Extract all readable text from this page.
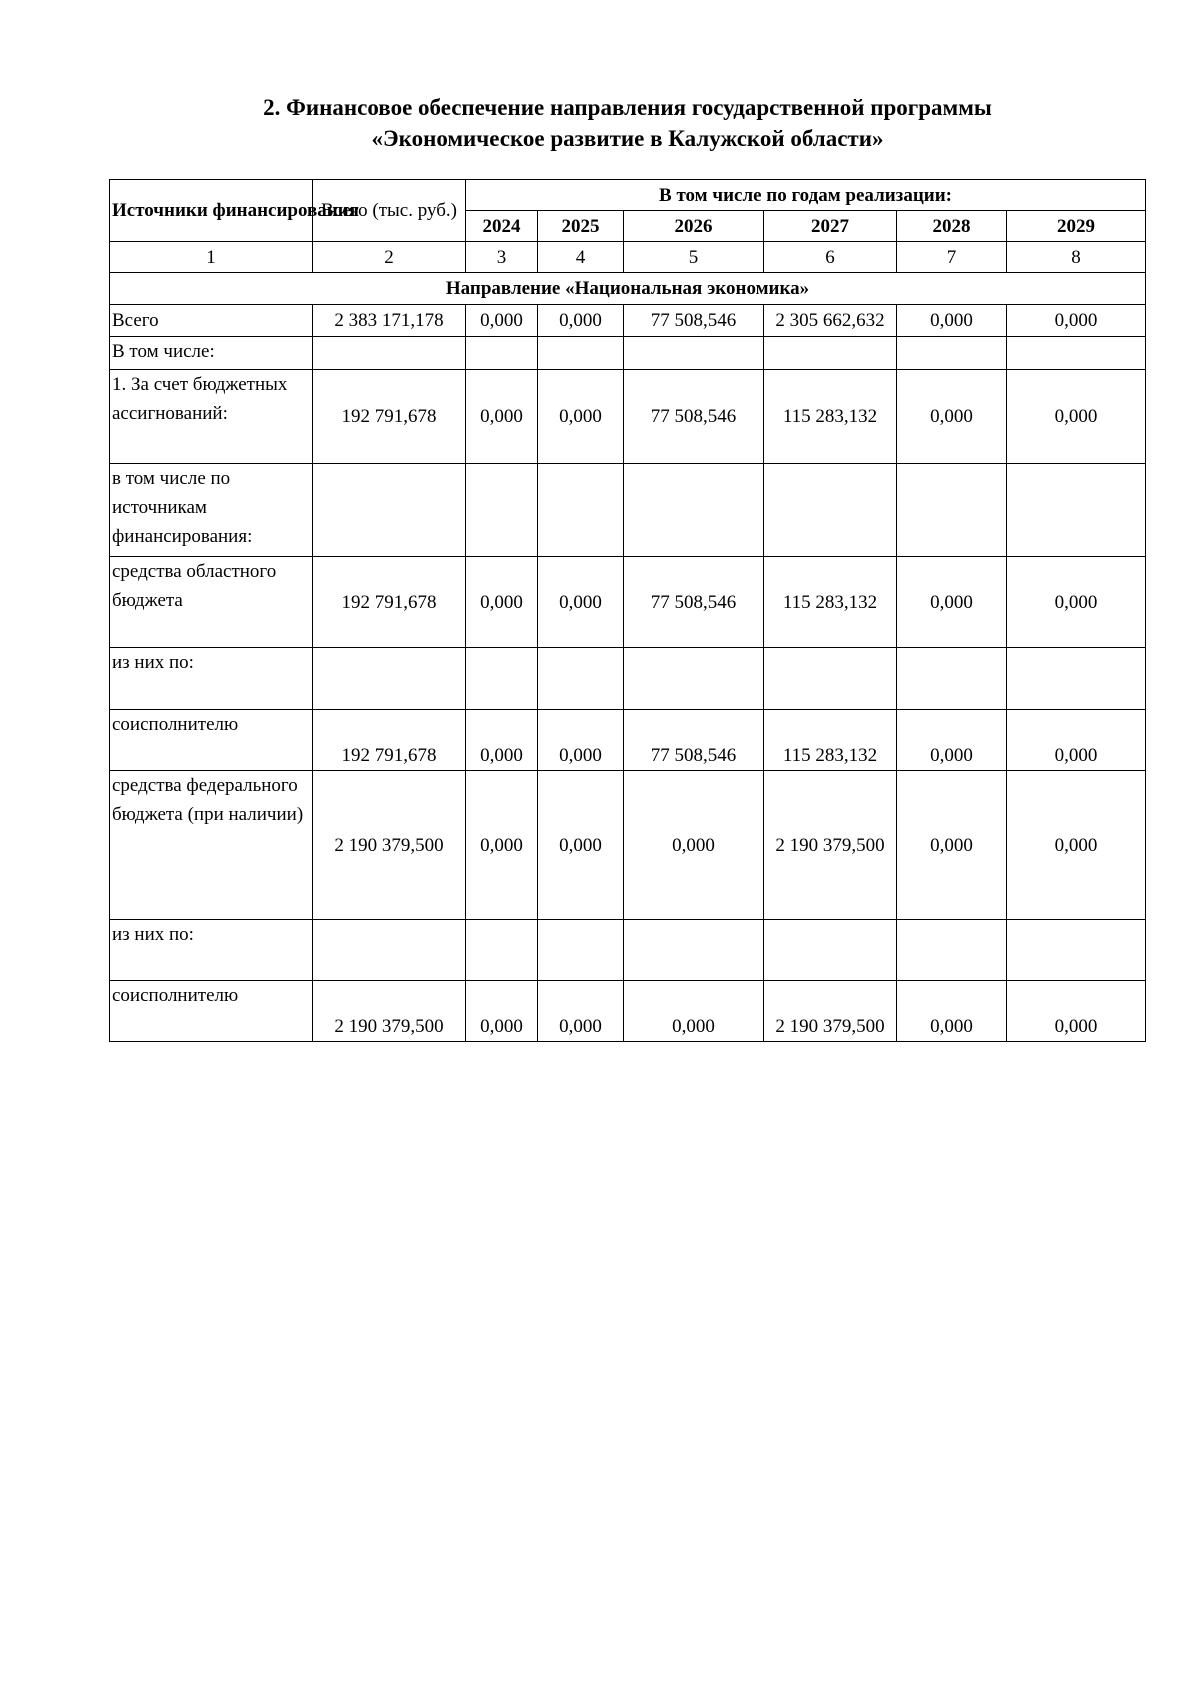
2. Финансовое обеспечение направления государственной программы
«Экономическое развитие в Калужской области»
Источники финансирования	Всего (тыс. руб.)	В том числе по годам реализации:					
		2024	2025	2026	2027	2028	2029
1	2	3	4	5	6	7	8
Направление «Национальная экономика»							
Всего	2 383 171,178	0,000	0,000	77 508,546	2 305 662,632	0,000	0,000
В том числе:							
1. За счет бюджетных ассигнований:	192 791,678	0,000	0,000	77 508,546	115 283,132	0,000	0,000
в том числе по источникам финансирования:							
средства областного бюджета	192 791,678	0,000	0,000	77 508,546	115 283,132	0,000	0,000
из них по:							
соисполнителю	192 791,678	0,000	0,000	77 508,546	115 283,132	0,000	0,000
средства федерального бюджета (при наличии)	2 190 379,500	0,000	0,000	0,000	2 190 379,500	0,000	0,000
из них по:							
соисполнителю	2 190 379,500	0,000	0,000	0,000	2 190 379,500	0,000	0,000
